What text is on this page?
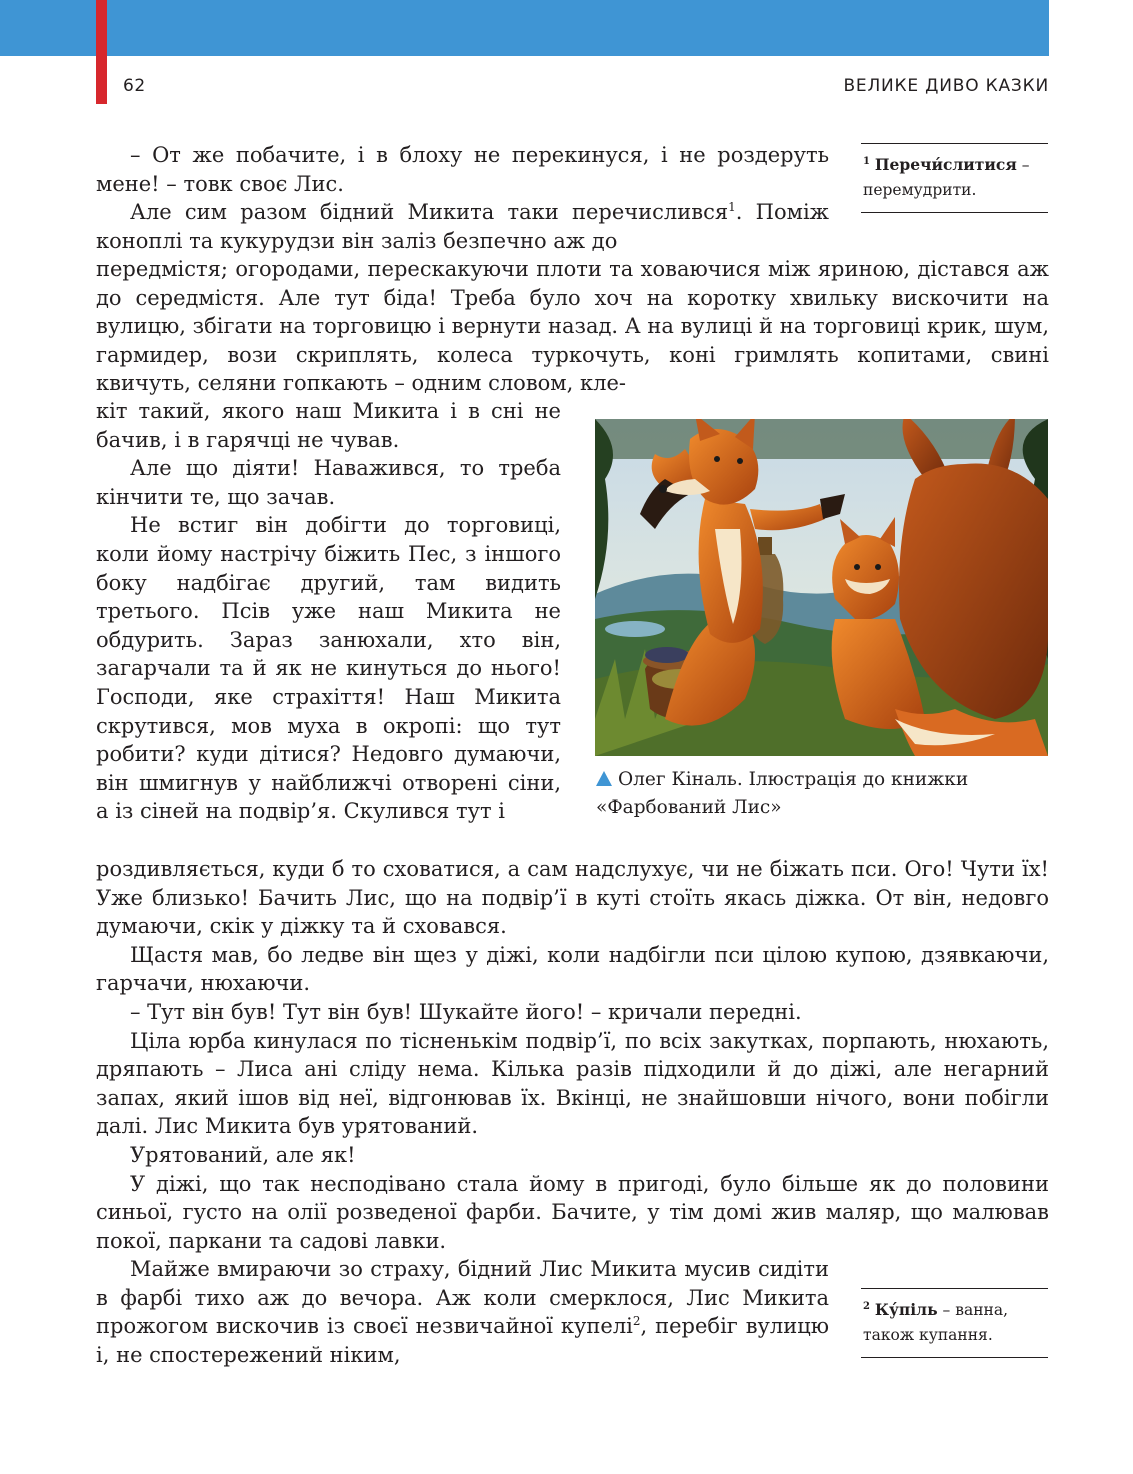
62	ВЕЛИКЕ ДИВО КАЗКИ

– От же побачите, і в блоху не перекинуся, і не роздеруть мене! – товк своє Лис.

Але сим разом бідний Микита таки перечислився$^1$. Поміж коноплі та кукурудзи він заліз безпечно аж до

$^1$ Перечи́слитися – перемудрити.

передмістя; огородами, перескакуючи плоти та ховаючися між яриною, дістався аж до середмістя. Але тут біда! Треба було хоч на коротку хвильку вискочити на вулицю, збігати на торговицю і вернути назад. А на вулиці й на торговиці крик, шум, гармидер, вози скриплять, колеса туркочуть, коні гримлять копитами, свині квичуть, селяни гопкають – одним словом, кле-

кіт такий, якого наш Микита і в сні не бачив, і в гарячці не чував.

Але що діяти! Наважився, то треба кінчити те, що зачав.

Не встиг він добігти до торговиці, коли йому настрічу біжить Пес, з іншого боку надбігає другий, там видить третього. Псів уже наш Микита не обдурить. Зараз занюхали, хто він, загарчали та й як не кинуться до нього! Господи, яке страхіття! Наш Микита скрутився, мов муха в окропі: що тут робити? куди дітися? Недовго думаючи, він шмигнув у найближчі отворені сіни, а із сіней на подвір’я. Скулився тут і

Олег Кіналь. Ілюстрація до книжки
«Фарбований Лис»

роздивляється, куди б то сховатися, а сам надслухує, чи не біжать пси. Ого! Чути їх! Уже близько! Бачить Лис, що на подвір’ї в куті стоїть якась діжка. От він, недовго думаючи, скік у діжку та й сховався.

Щастя мав, бо ледве він щез у діжі, коли надбігли пси цілою купою, дзявкаючи, гарчачи, нюхаючи.

– Тут він був! Тут він був! Шукайте його! – кричали передні.

Ціла юрба кинулася по тісненькім подвір’ї, по всіх закутках, порпають, нюхають, дряпають – Лиса ані сліду нема. Кілька разів підходили й до діжі, але негарний запах, який ішов від неї, відгонював їх. Вкінці, не знайшовши нічого, вони побігли далі. Лис Микита був урятований.

Урятований, але як!

У діжі, що так несподівано стала йому в пригоді, було більше як до половини синьої, густо на олії розведеної фарби. Бачите, у тім домі жив маляр, що малював покої, паркани та садові лавки.

Майже вмираючи зо страху, бідний Лис Микита мусив сидіти в фарбі тихо аж до вечора. Аж коли смерклося, Лис Микита прожогом вискочив із своєї незвичайної купелі$^2$, перебіг вулицю і, не спостережений ніким,

$^2$ Ку́піль – ванна, також купання.
